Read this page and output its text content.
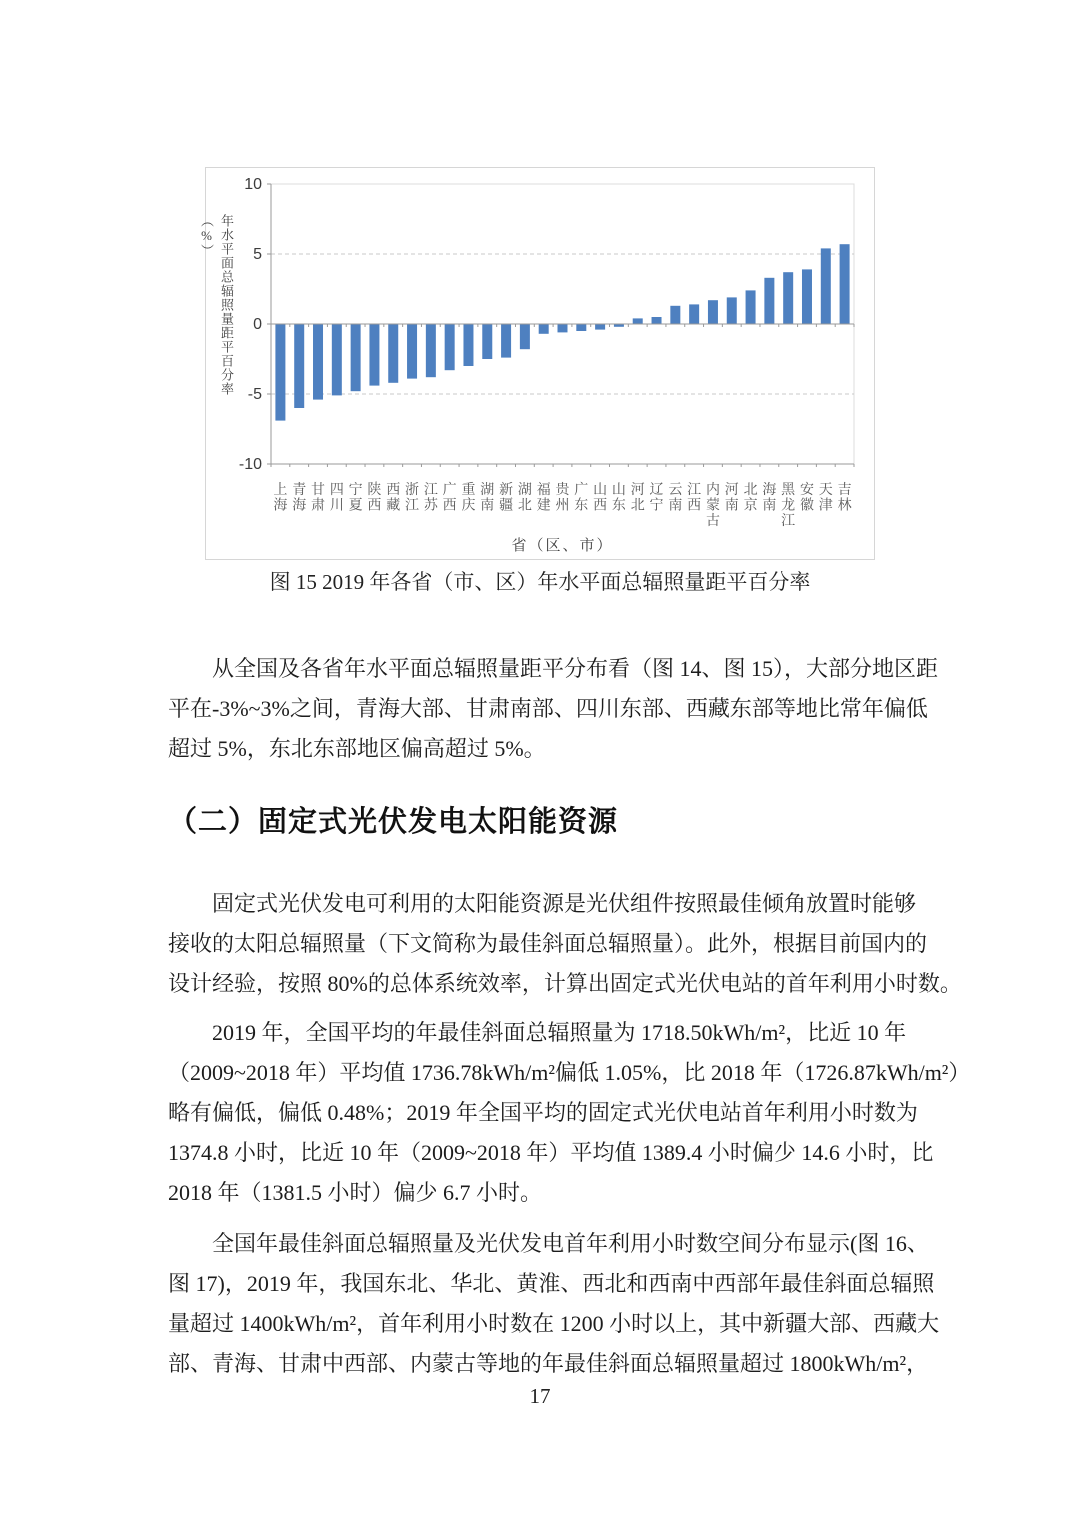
10
5
0
-5
-10
上
海
青
海
甘
肃
四
川
宁
夏
陕
西
西
藏
浙
江
江
苏
广
西
重
庆
湖
南
新
疆
湖
北
福
建
贵
州
广
东
山
西
山
东
河
北
辽
宁
云
南
江
西
内
蒙
古
河
南
北
京
海
南
黑
龙
江
安
徽
天
津
吉
林
年水平面总辐照量距平百分率（%）
省（区、市）
图 15 2019 年各省（市、区）年水平面总辐照量距平百分率
从全国及各省年水平面总辐照量距平分布看（图 14、图 15），大部分地区距
平在-3%~3%之间，青海大部、甘肃南部、四川东部、西藏东部等地比常年偏低
超过 5%，东北东部地区偏高超过 5%。
（二）固定式光伏发电太阳能资源
固定式光伏发电可利用的太阳能资源是光伏组件按照最佳倾角放置时能够
接收的太阳总辐照量（下文简称为最佳斜面总辐照量）。此外，根据目前国内的
设计经验，按照 80%的总体系统效率，计算出固定式光伏电站的首年利用小时数。
2019 年，全国平均的年最佳斜面总辐照量为 1718.50kWh/m²，比近 10 年
（2009~2018 年）平均值 1736.78kWh/m²偏低 1.05%，比 2018 年（1726.87kWh/m²）
略有偏低，偏低 0.48%；2019 年全国平均的固定式光伏电站首年利用小时数为
1374.8 小时，比近 10 年（2009~2018 年）平均值 1389.4 小时偏少 14.6 小时，比
2018 年（1381.5 小时）偏少 6.7 小时。
全国年最佳斜面总辐照量及光伏发电首年利用小时数空间分布显示(图 16、
图 17)，2019 年，我国东北、华北、黄淮、西北和西南中西部年最佳斜面总辐照
量超过 1400kWh/m²，首年利用小时数在 1200 小时以上，其中新疆大部、西藏大
部、青海、甘肃中西部、内蒙古等地的年最佳斜面总辐照量超过 1800kWh/m²，
17
